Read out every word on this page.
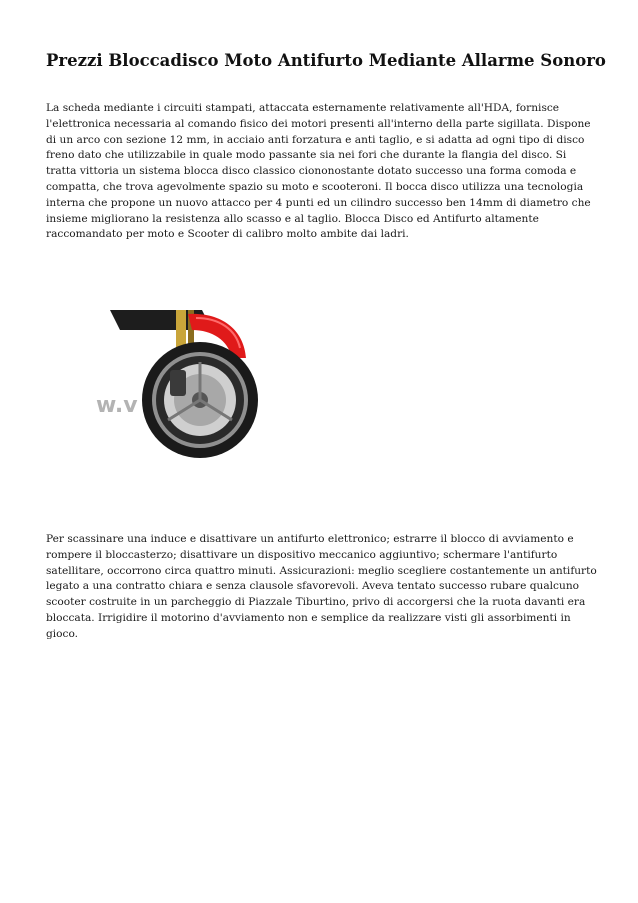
Prezzi Bloccadisco Moto Antifurto Mediante Allarme Sonoro

La scheda mediante i circuiti stampati, attaccata esternamente relativamente all'HDA, fornisce l'elettronica necessaria al comando fisico dei motori presenti all'interno della parte sigillata. Dispone di un arco con sezione 12 mm, in acciaio anti forzatura e anti taglio, e si adatta ad ogni tipo di disco freno dato che utilizzabile in quale modo passante sia nei fori che durante la flangia del disco. Si tratta vittoria un sistema blocca disco classico ciononostante dotato successo una forma comoda e compatta, che trova agevolmente spazio su moto e scooteroni. Il bocca disco utilizza una tecnologia interna che propone un nuovo attacco per 4 punti ed un cilindro successo ben 14mm di diametro che insieme migliorano la resistenza allo scasso e al taglio. Blocca Disco ed Antifurto altamente raccomandato per moto e Scooter di calibro molto ambite dai ladri.

w.v

Per scassinare una induce e disattivare un antifurto elettronico; estrarre il blocco di avviamento e rompere il bloccasterzo; disattivare un dispositivo meccanico aggiuntivo; schermare l'antifurto satellitare, occorrono circa quattro minuti. Assicurazioni: meglio scegliere costantemente un antifurto legato a una contratto chiara e senza clausole sfavorevoli. Aveva tentato successo rubare qualcuno scooter costruite in un parcheggio di Piazzale Tiburtino, privo di accorgersi che la ruota davanti era bloccata. Irrigidire il motorino d'avviamento non e semplice da realizzare visti gli assorbimenti in gioco.
